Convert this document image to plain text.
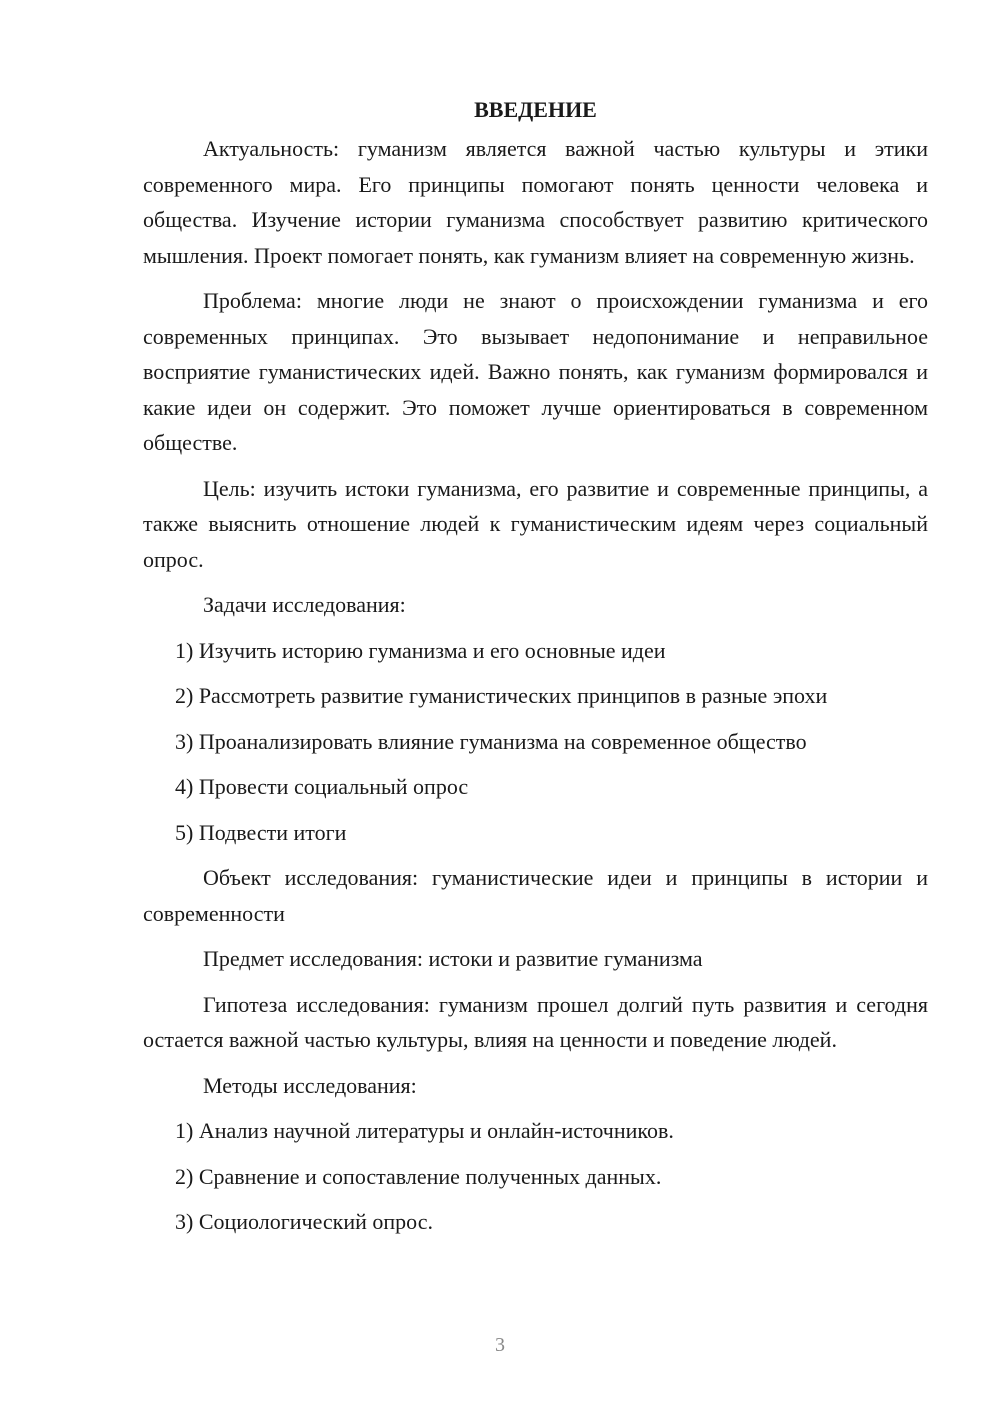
ВВЕДЕНИЕ

Актуальность: гуманизм является важной частью культуры и этики современного мира. Его принципы помогают понять ценности человека и общества. Изучение истории гуманизма способствует развитию критического мышления. Проект помогает понять, как гуманизм влияет на современную жизнь.

Проблема: многие люди не знают о происхождении гуманизма и его современных принципах. Это вызывает недопонимание и неправильное восприятие гуманистических идей. Важно понять, как гуманизм формировался и какие идеи он содержит. Это поможет лучше ориентироваться в современном обществе.

Цель: изучить истоки гуманизма, его развитие и современные принципы, а также выяснить отношение людей к гуманистическим идеям через социальный опрос.

Задачи исследования:

1) Изучить историю гуманизма и его основные идеи
2) Рассмотреть развитие гуманистических принципов в разные эпохи
3) Проанализировать влияние гуманизма на современное общество
4) Провести социальный опрос
5) Подвести итоги

Объект исследования: гуманистические идеи и принципы в истории и современности

Предмет исследования: истоки и развитие гуманизма

Гипотеза исследования: гуманизм прошел долгий путь развития и сегодня остается важной частью культуры, влияя на ценности и поведение людей.

Методы исследования:

1) Анализ научной литературы и онлайн-источников.
2) Сравнение и сопоставление полученных данных.
3) Социологический опрос.
3
